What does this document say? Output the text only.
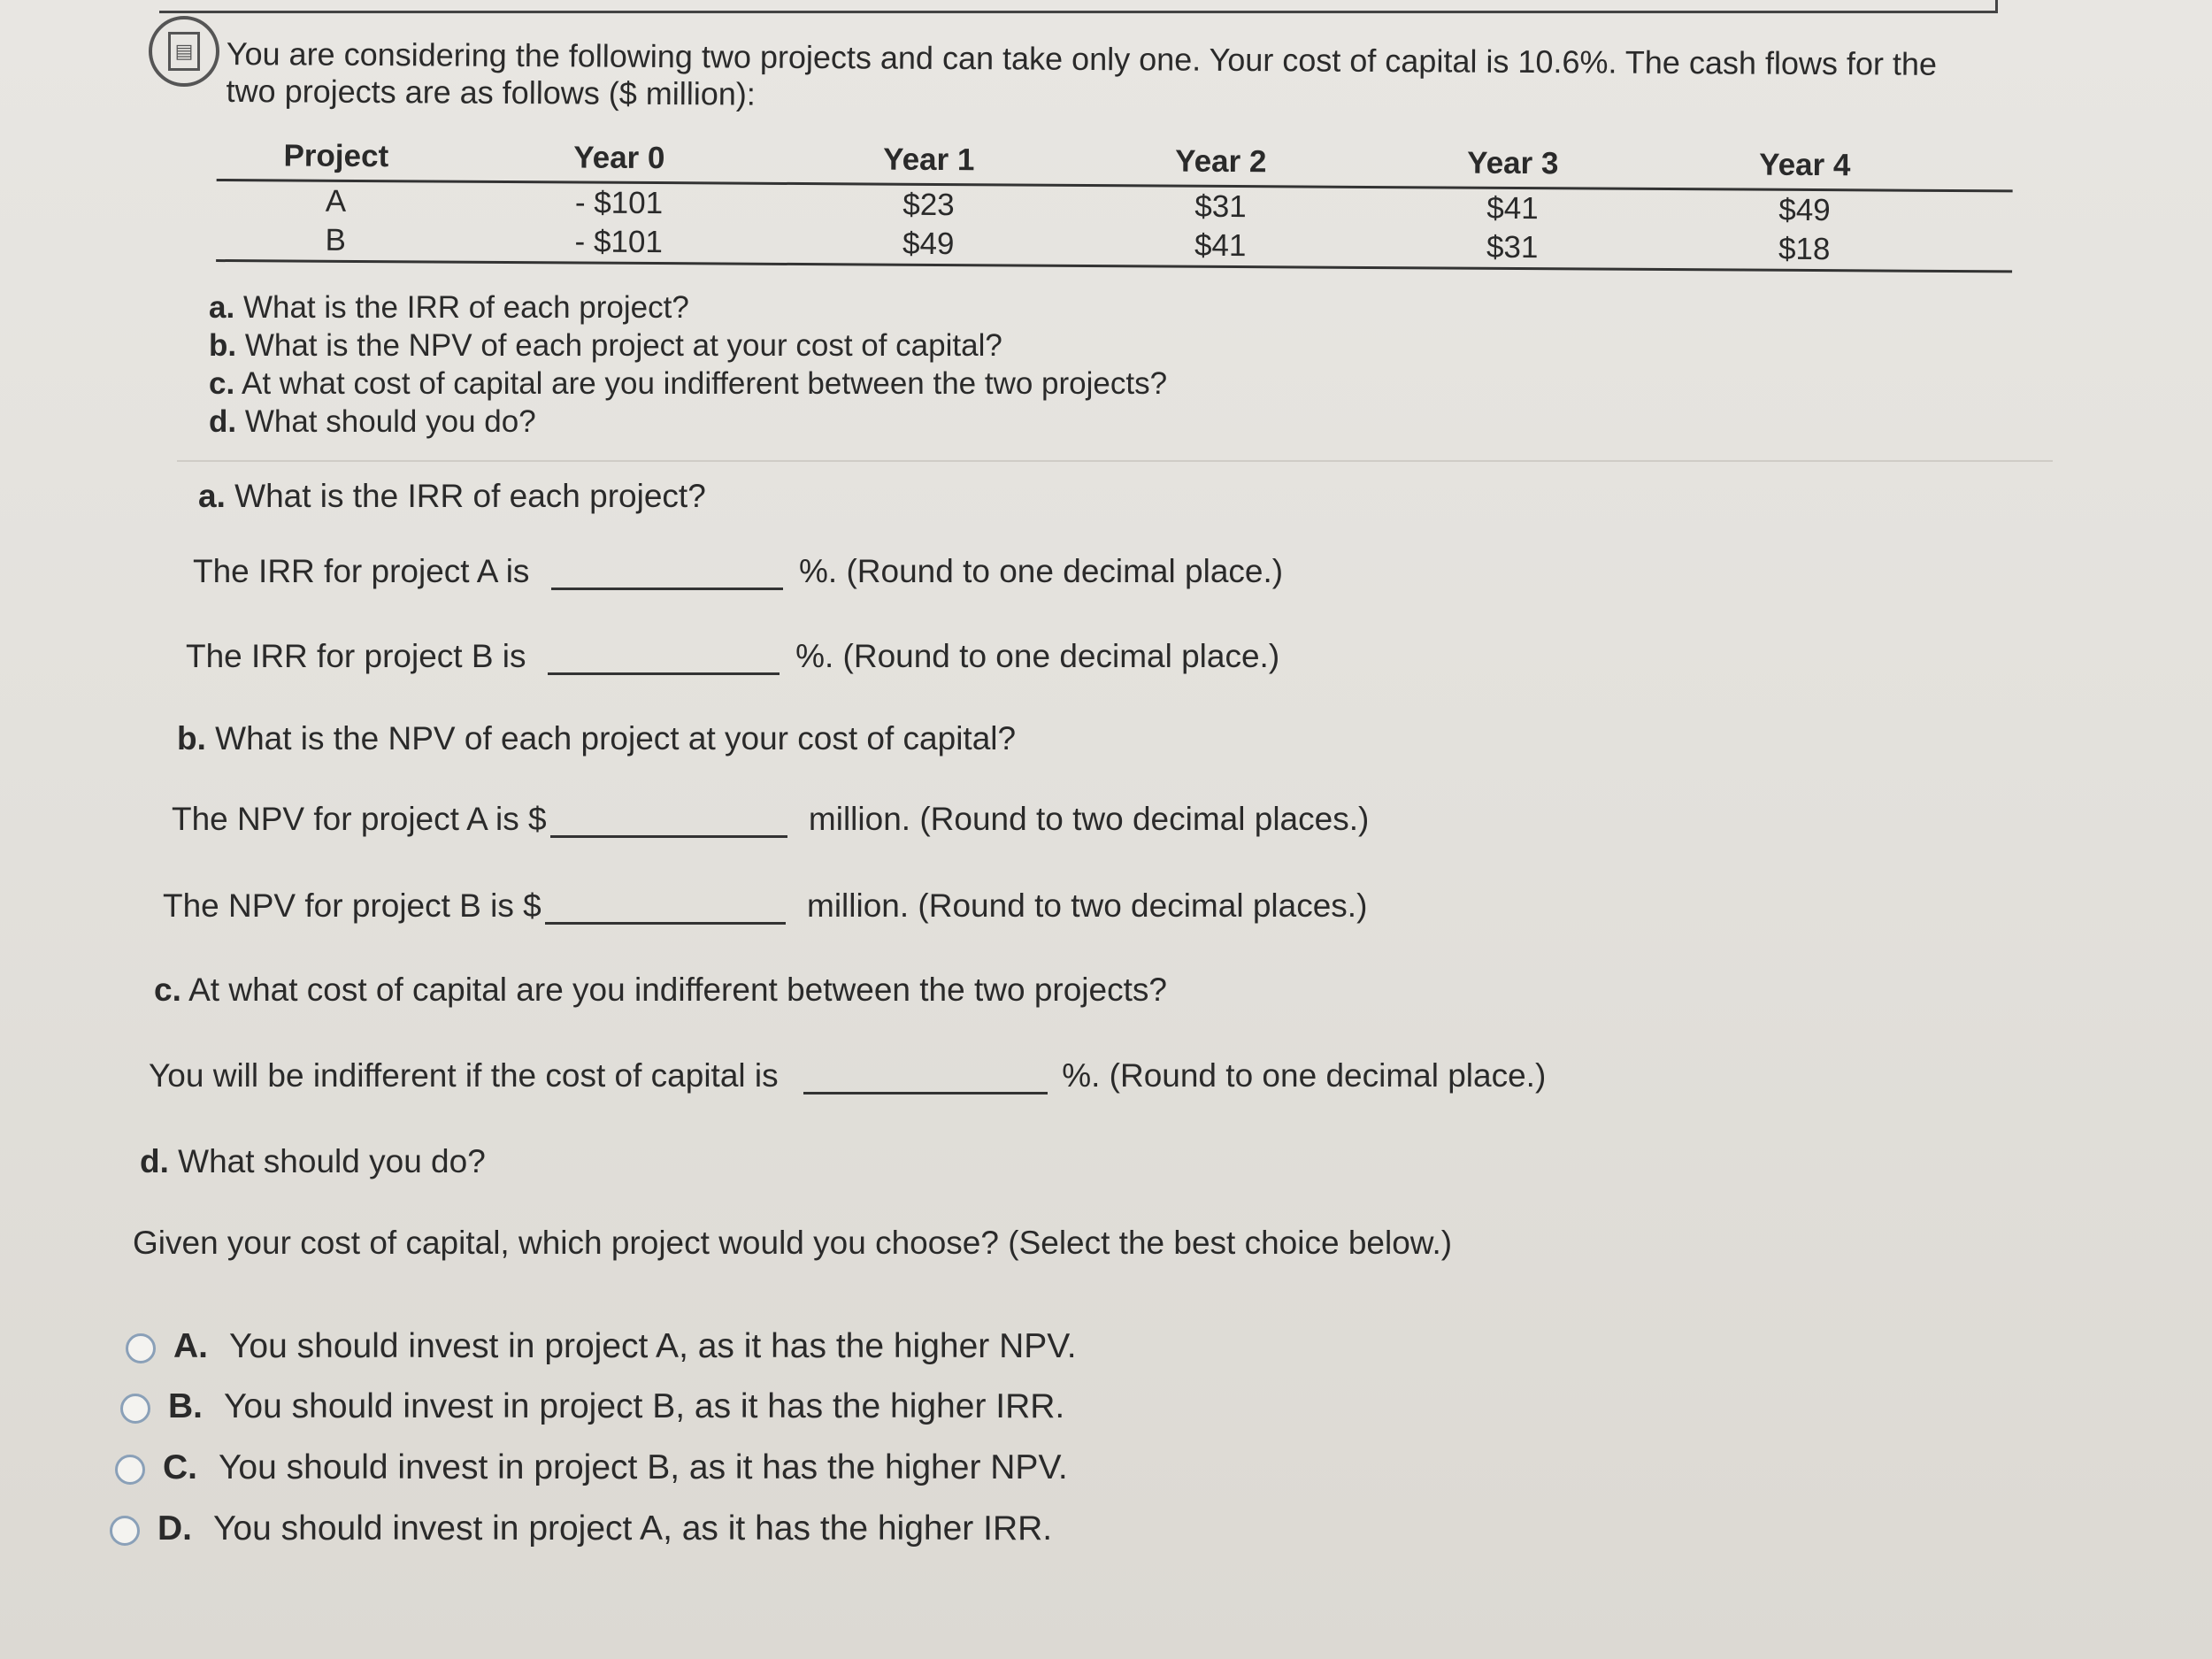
▤ You are considering the following two projects and can take only one. Your cost of capital is 10.6%. The cash flows for the
two projects are as follows ($ million):
Project	Year 0	Year 1	Year 2	Year 3	Year 4
A	- $101	$23	$31	$41	$49
B	- $101	$49	$41	$31	$18
a. What is the IRR of each project?
b. What is the NPV of each project at your cost of capital?
c. At what cost of capital are you indifferent between the two projects?
d. What should you do?
a. What is the IRR of each project?
The IRR for project A is	%. (Round to one decimal place.)
The IRR for project B is	%. (Round to one decimal place.)
b. What is the NPV of each project at your cost of capital?
The NPV for project A is $	million. (Round to two decimal places.)
The NPV for project B is $	million. (Round to two decimal places.)
c. At what cost of capital are you indifferent between the two projects?
You will be indifferent if the cost of capital is	%. (Round to one decimal place.)
d. What should you do?
Given your cost of capital, which project would you choose? (Select the best choice below.)
A. You should invest in project A, as it has the higher NPV.
B. You should invest in project B, as it has the higher IRR.
C. You should invest in project B, as it has the higher NPV.
D. You should invest in project A, as it has the higher IRR.
